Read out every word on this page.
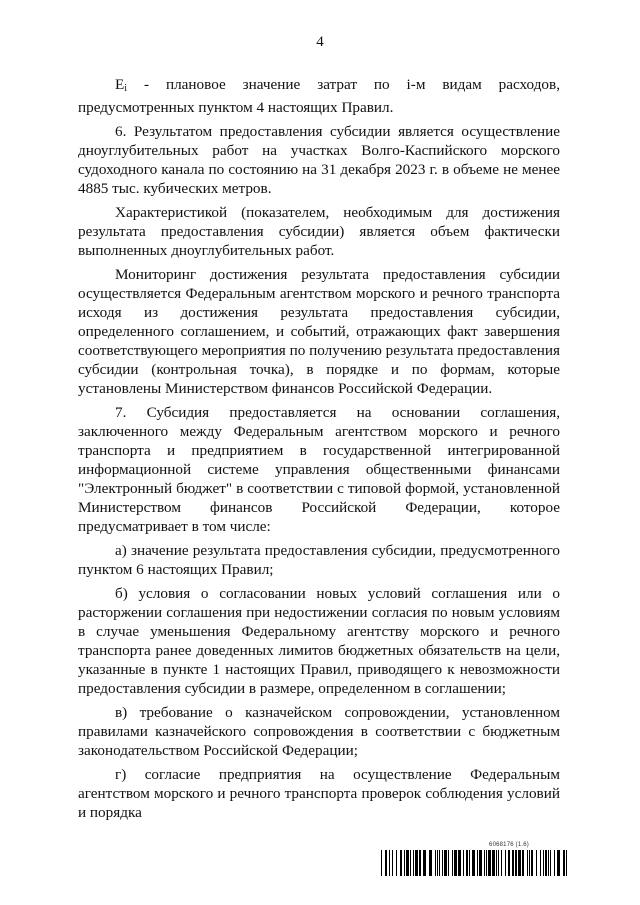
4

Ei - плановое значение затрат по i-м видам расходов, предусмотренных пунктом 4 настоящих Правил.

6. Результатом предоставления субсидии является осуществление дноуглубительных работ на участках Волго-Каспийского морского судоходного канала по состоянию на 31 декабря 2023 г. в объеме не менее 4885 тыс. кубических метров.

Характеристикой (показателем, необходимым для достижения результата предоставления субсидии) является объем фактически выполненных дноуглубительных работ.

Мониторинг достижения результата предоставления субсидии осуществляется Федеральным агентством морского и речного транспорта исходя из достижения результата предоставления субсидии, определенного соглашением, и событий, отражающих факт завершения соответствующего мероприятия по получению результата предоставления субсидии (контрольная точка), в порядке и по формам, которые установлены Министерством финансов Российской Федерации.

7. Субсидия предоставляется на основании соглашения, заключенного между Федеральным агентством морского и речного транспорта и предприятием в государственной интегрированной информационной системе управления общественными финансами "Электронный бюджет" в соответствии с типовой формой, установленной Министерством финансов Российской Федерации, которое предусматривает в том числе:

а) значение результата предоставления субсидии, предусмотренного пунктом 6 настоящих Правил;

б) условия о согласовании новых условий соглашения или о расторжении соглашения при недостижении согласия по новым условиям в случае уменьшения Федеральному агентству морского и речного транспорта ранее доведенных лимитов бюджетных обязательств на цели, указанные в пункте 1 настоящих Правил, приводящего к невозможности предоставления субсидии в размере, определенном в соглашении;

в) требование о казначейском сопровождении, установленном правилами казначейского сопровождения в соответствии с бюджетным законодательством Российской Федерации;

г) согласие предприятия на осуществление Федеральным агентством морского и речного транспорта проверок соблюдения условий и порядка

6068176 (1.6)
